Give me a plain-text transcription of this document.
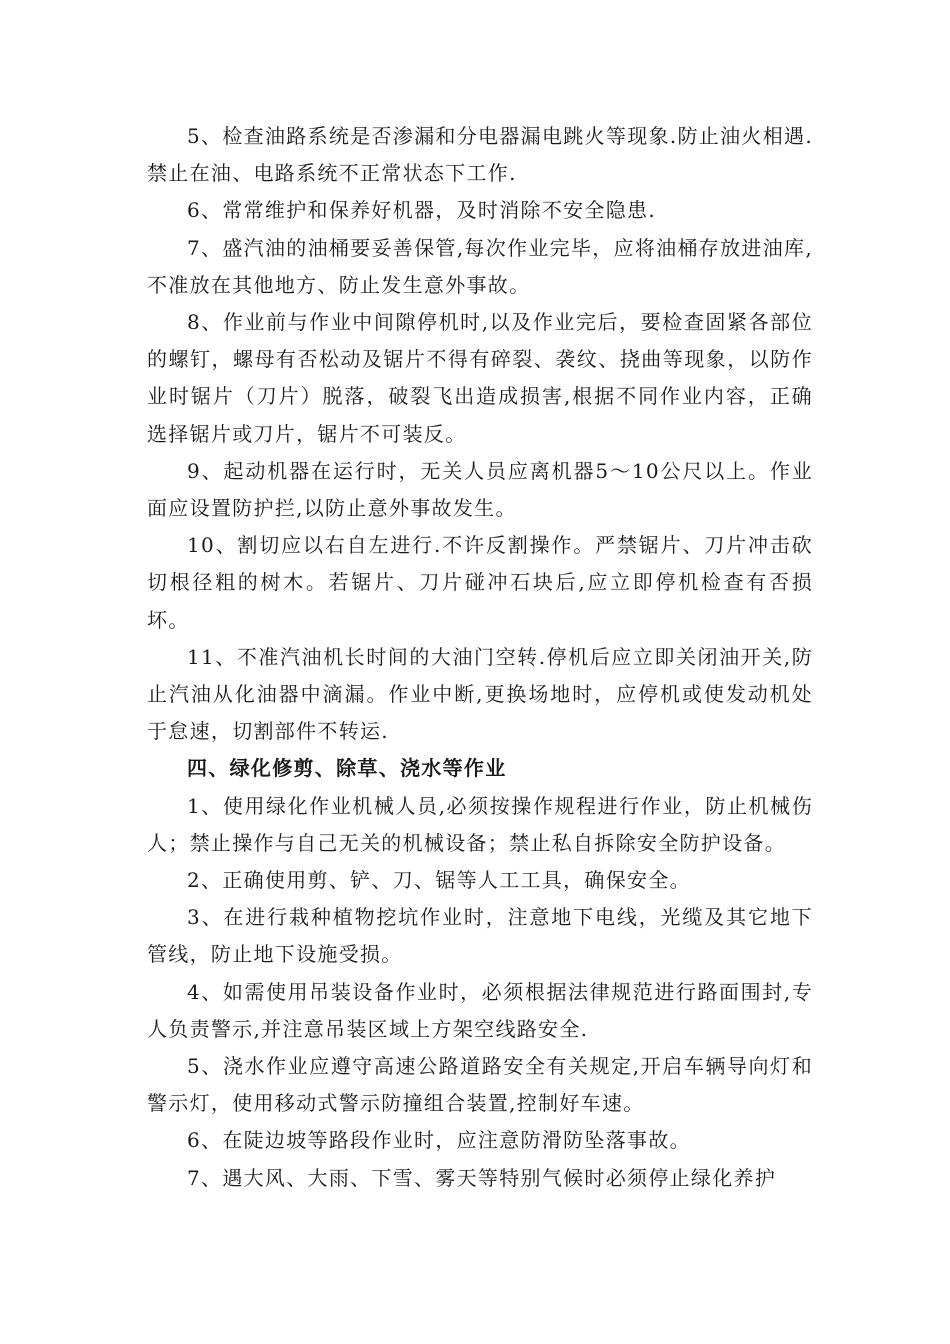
5、检查油路系统是否渗漏和分电器漏电跳火等现象.防止油火相遇.禁止在油、电路系统不正常状态下工作.

6、常常维护和保养好机器，及时消除不安全隐患.

7、盛汽油的油桶要妥善保管,每次作业完毕，应将油桶存放进油库,不准放在其他地方、防止发生意外事故。

8、作业前与作业中间隙停机时,以及作业完后，要检查固紧各部位的螺钉，螺母有否松动及锯片不得有碎裂、袭纹、挠曲等现象，以防作业时锯片（刀片）脱落，破裂飞出造成损害,根据不同作业内容，正确选择锯片或刀片，锯片不可装反。

9、起动机器在运行时，无关人员应离机器5～10公尺以上。作业面应设置防护拦,以防止意外事故发生。

10、割切应以右自左进行.不许反割操作。严禁锯片、刀片冲击砍切根径粗的树木。若锯片、刀片碰冲石块后,应立即停机检查有否损坏。

11、不准汽油机长时间的大油门空转.停机后应立即关闭油开关,防止汽油从化油器中滴漏。作业中断,更换场地时，应停机或使发动机处于怠速，切割部件不转运.

四、绿化修剪、除草、浇水等作业

1、使用绿化作业机械人员,必须按操作规程进行作业，防止机械伤人；禁止操作与自己无关的机械设备；禁止私自拆除安全防护设备。

2、正确使用剪、铲、刀、锯等人工工具，确保安全。

3、在进行栽种植物挖坑作业时，注意地下电线，光缆及其它地下管线，防止地下设施受损。

4、如需使用吊装设备作业时，必须根据法律规范进行路面围封,专人负责警示,并注意吊装区域上方架空线路安全.

5、浇水作业应遵守高速公路道路安全有关规定,开启车辆导向灯和警示灯，使用移动式警示防撞组合装置,控制好车速。

6、在陡边坡等路段作业时，应注意防滑防坠落事故。

7、遇大风、大雨、下雪、雾天等特别气候时必须停止绿化养护
